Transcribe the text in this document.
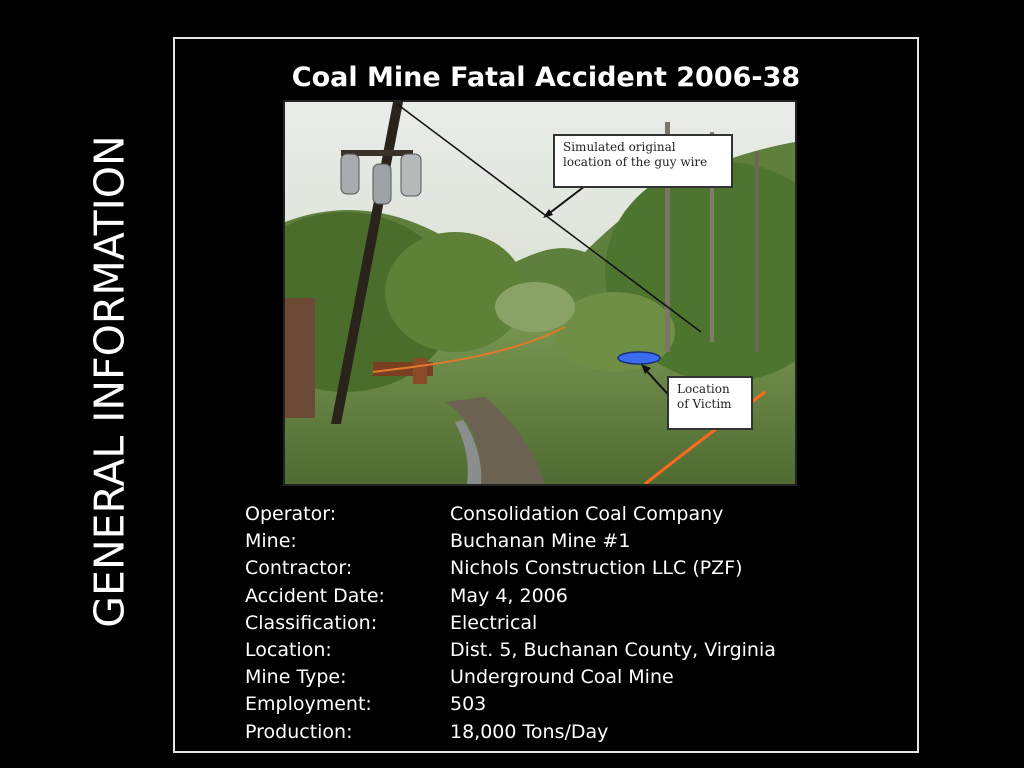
GENERAL INFORMATION
Coal Mine Fatal Accident 2006-38
Simulated original location of the guy wire
Location of Victim
Operator:	Consolidation Coal Company
Mine:	Buchanan Mine #1
Contractor:	Nichols Construction LLC (PZF)
Accident Date:	May 4, 2006
Classification:	Electrical
Location:	Dist. 5, Buchanan County, Virginia
Mine Type:	Underground Coal Mine
Employment:	503
Production:	18,000 Tons/Day
